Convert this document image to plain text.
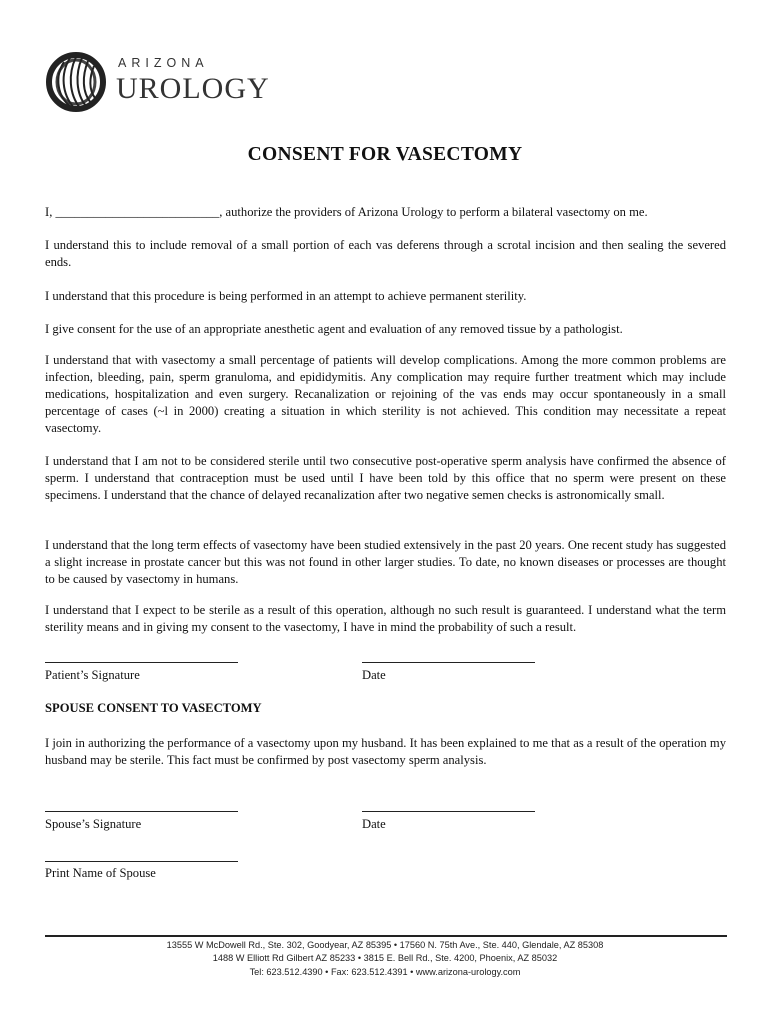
ARIZONA
UROLOGY
CONSENT FOR VASECTOMY
I, __________________________, authorize the providers of Arizona Urology to perform a bilateral vasectomy on me.
I understand this to include removal of a small portion of each vas deferens through a scrotal incision and then sealing the severed ends.
I understand that this procedure is being performed in an attempt to achieve permanent sterility.
I give consent for the use of an appropriate anesthetic agent and evaluation of any removed tissue by a pathologist.
I understand that with vasectomy a small percentage of patients will develop complications. Among the more common problems are infection, bleeding, pain, sperm granuloma, and epididymitis. Any complication may require further treatment which may include medications, hospitalization and even surgery. Recanalization or rejoining of the vas ends may occur spontaneously in a small percentage of cases (~l in 2000) creating a situation in which sterility is not achieved. This condition may necessitate a repeat vasectomy.
I understand that I am not to be considered sterile until two consecutive post-operative sperm analysis have confirmed the absence of sperm. I understand that contraception must be used until I have been told by this office that no sperm were present on these specimens. I understand that the chance of delayed recanalization after two negative semen checks is astronomically small.
I understand that the long term effects of vasectomy have been studied extensively in the past 20 years. One recent study has suggested a slight increase in prostate cancer but this was not found in other larger studies. To date, no known diseases or processes are thought to be caused by vasectomy in humans.
I understand that I expect to be sterile as a result of this operation, although no such result is guaranteed. I understand what the term sterility means and in giving my consent to the vasectomy, I have in mind the probability of such a result.
Patient’s Signature	Date
SPOUSE CONSENT TO VASECTOMY
I join in authorizing the performance of a vasectomy upon my husband. It has been explained to me that as a result of the operation my husband may be sterile. This fact must be confirmed by post vasectomy sperm analysis.
Spouse’s Signature	Date
Print Name of Spouse
13555 W McDowell Rd., Ste. 302, Goodyear, AZ 85395 • 17560 N. 75th Ave., Ste. 440, Glendale, AZ 85308
1488 W Elliott Rd Gilbert AZ 85233 • 3815 E. Bell Rd., Ste. 4200, Phoenix, AZ 85032
Tel: 623.512.4390 • Fax: 623.512.4391 • www.arizona-urology.com
